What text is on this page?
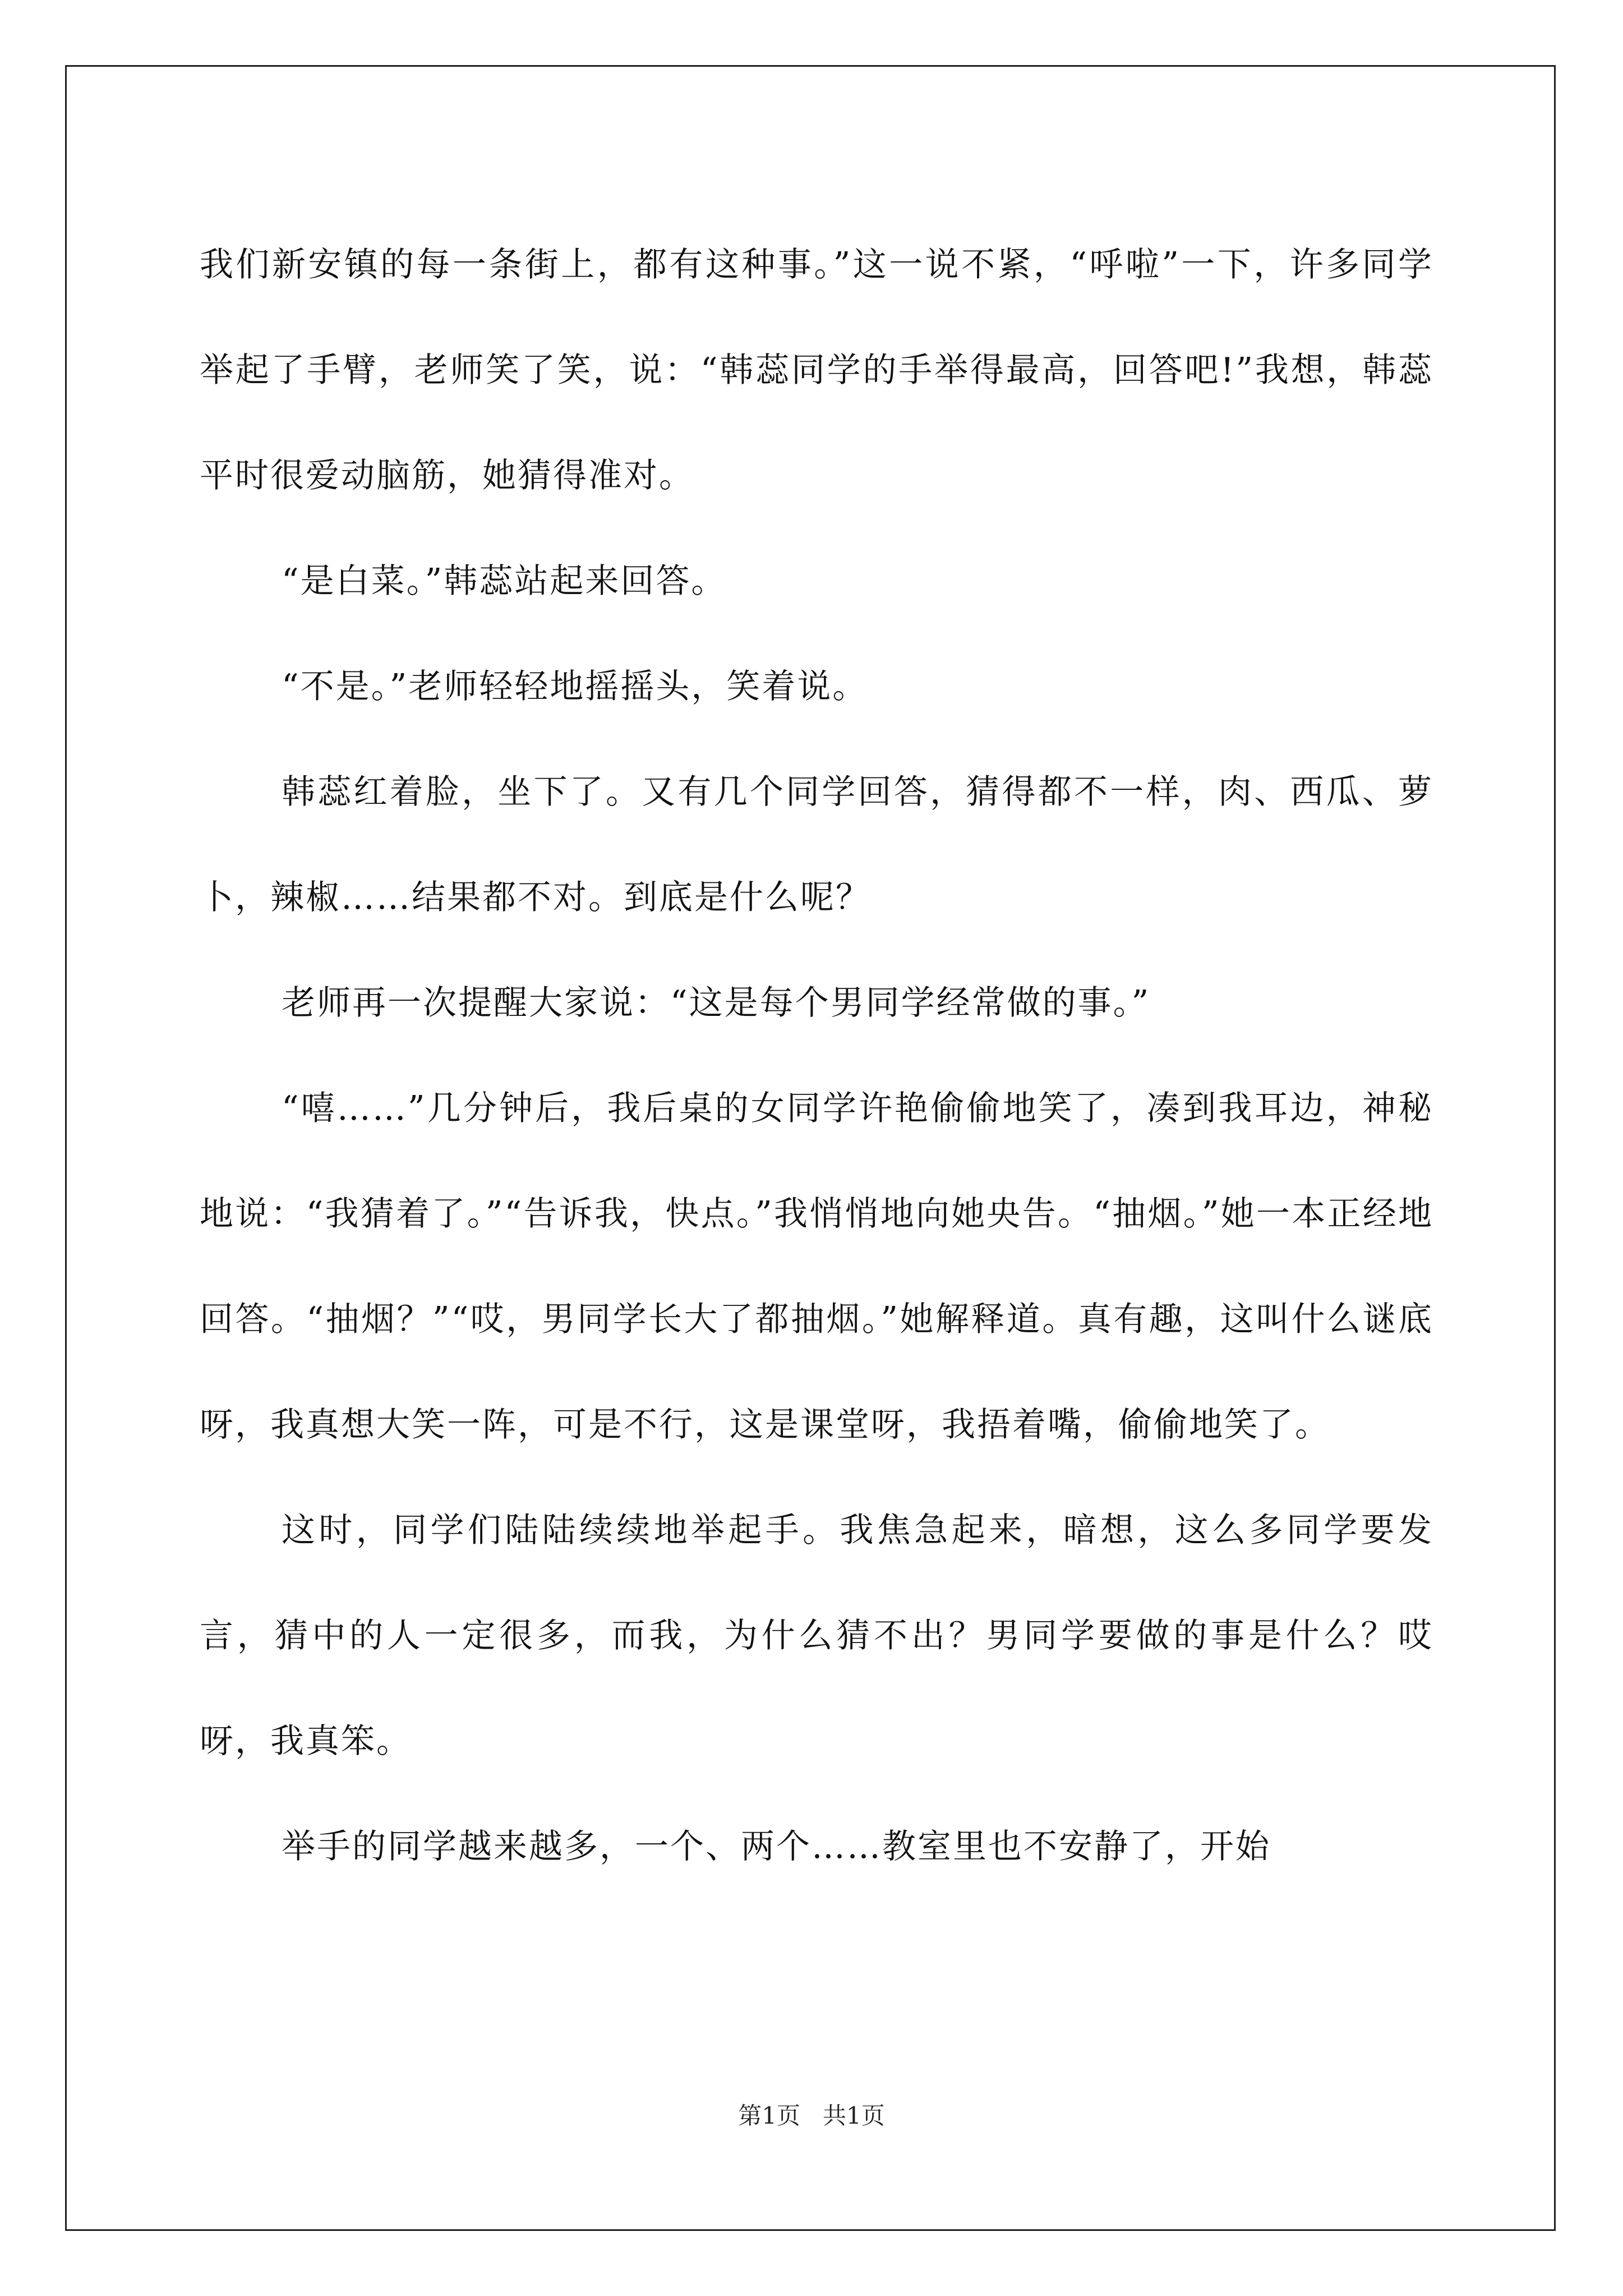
我们新安镇的每一条街上，都有这种事。”这一说不紧，“呼啦”一下，许多同学举起了手臂，老师笑了笑，说：“韩蕊同学的手举得最高，回答吧!”我想，韩蕊平时很爱动脑筋，她猜得准对。

“是白菜。”韩蕊站起来回答。

“不是。”老师轻轻地摇摇头，笑着说。

韩蕊红着脸，坐下了。又有几个同学回答，猜得都不一样，肉、西瓜、萝卜，辣椒……结果都不对。到底是什么呢？

老师再一次提醒大家说：“这是每个男同学经常做的事。”

“嘻……”几分钟后，我后桌的女同学许艳偷偷地笑了，凑到我耳边，神秘地说：“我猜着了。”“告诉我，快点。”我悄悄地向她央告。“抽烟。”她一本正经地回答。“抽烟？”“哎，男同学长大了都抽烟。”她解释道。真有趣，这叫什么谜底呀，我真想大笑一阵，可是不行，这是课堂呀，我捂着嘴，偷偷地笑了。

这时，同学们陆陆续续地举起手。我焦急起来，暗想，这么多同学要发言，猜中的人一定很多，而我，为什么猜不出？男同学要做的事是什么？哎呀，我真笨。

举手的同学越来越多，一个、两个……教室里也不安静了，开始

第1页 共1页
